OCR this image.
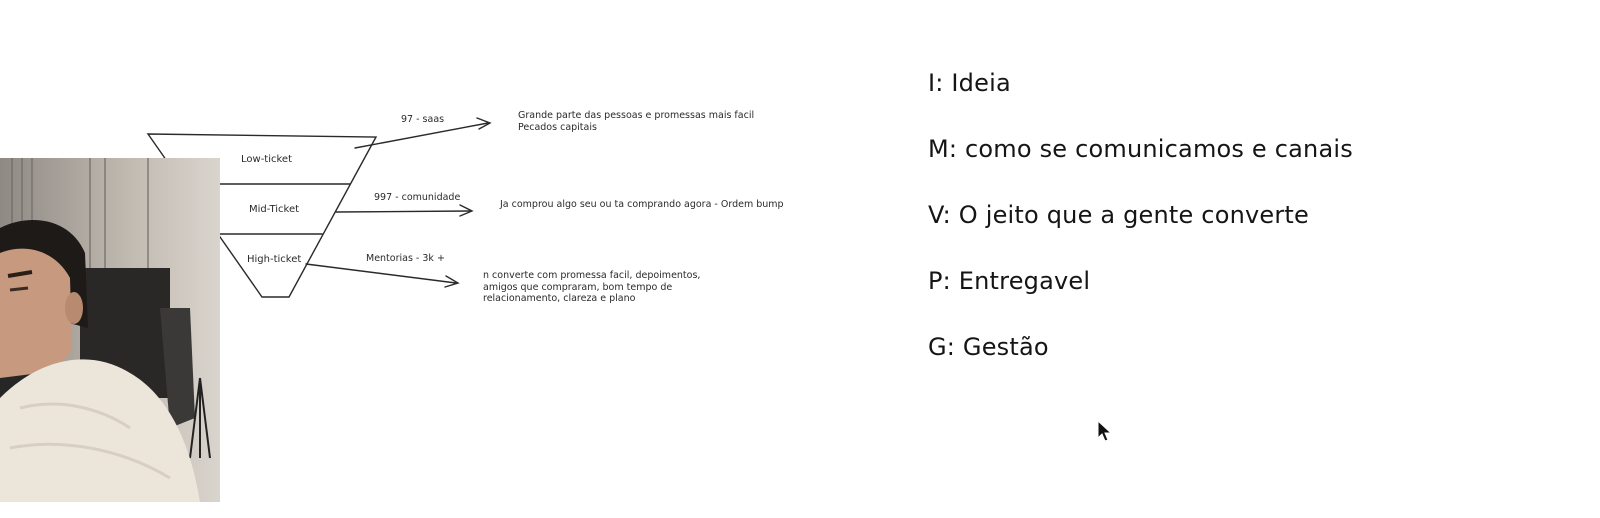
Low-ticket
Mid-Ticket
High-ticket
97 - saas
997 - comunidade
Mentorias - 3k +
Grande parte das pessoas e promessas mais facil
Pecados capitais
Ja comprou algo seu ou ta comprando agora - Ordem bump
n converte com promessa facil, depoimentos,
amigos que compraram, bom tempo de
relacionamento, clareza e plano
I: Ideia
M: como se comunicamos e canais
V: O jeito que a gente converte
P: Entregavel
G: Gestão
